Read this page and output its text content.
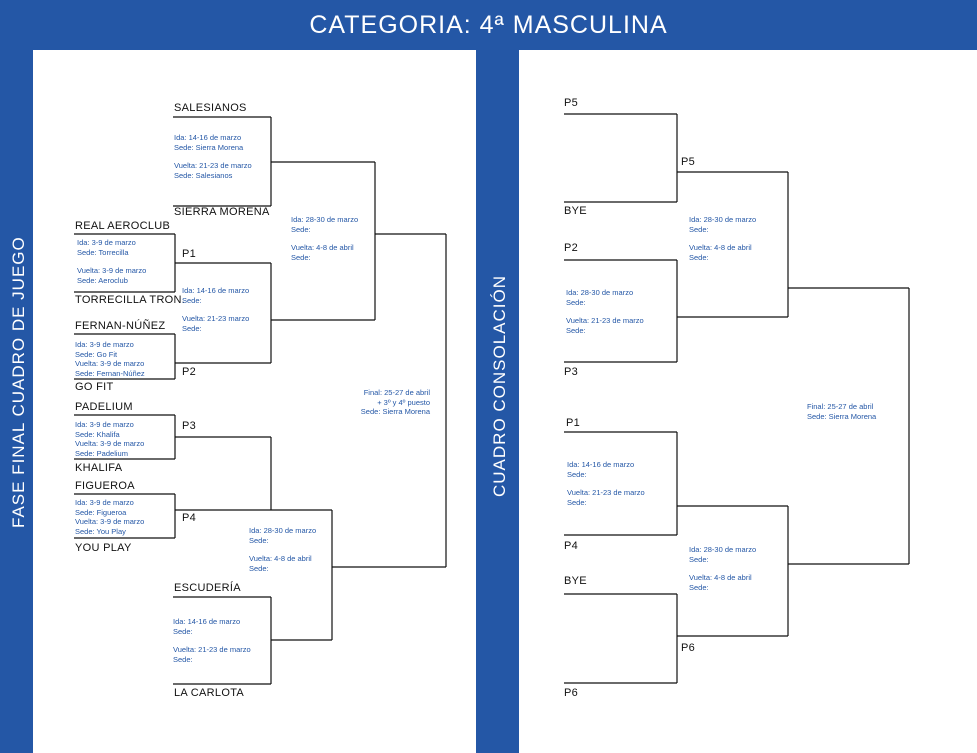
CATEGORIA: 4ª MASCULINA
FASE FINAL CUADRO DE JUEGO	CUADRO CONSOLACIÓN
SALESIANOS
SIERRA MORENA
REAL AEROCLUB
TORRECILLA TRON.
FERNAN-NÚÑEZ
GO FIT
PADELIUM
KHALIFA
FIGUEROA
YOU PLAY
ESCUDERÍA
LA CARLOTA
P1
P2
P3
P4
Ida: 14-16 de marzo
Sede: Sierra Morena
Vuelta: 21-23 de marzo
Sede: Salesianos
Ida: 3-9 de marzo
Sede: Torrecilla
Vuelta: 3-9 de marzo
Sede: Aeroclub
Ida: 3-9 de marzo
Sede: Go Fit
Vuelta: 3-9 de marzo
Sede: Fernan-Núñez
Ida: 3-9 de marzo
Sede: Khalifa
Vuelta: 3-9 de marzo
Sede: Padelium
Ida: 3-9 de marzo
Sede: Figueroa
Vuelta: 3-9 de marzo
Sede: You Play
Ida: 14-16 de marzo
Sede:
Vuelta: 21-23 marzo
Sede:
Ida: 14-16 de marzo
Sede:
Vuelta: 21-23 de marzo
Sede:
Ida: 28-30 de marzo
Sede:
Vuelta: 4-8 de abril
Sede:
Ida: 28-30 de marzo
Sede:
Vuelta: 4-8 de abril
Sede:
Final: 25-27 de abril
+ 3º y 4º puesto
Sede: Sierra Morena
P5
BYE
P5
P2
P3
P1
P4
BYE
P6
P6
Ida: 28-30 de marzo
Sede:
Vuelta: 21-23 de marzo
Sede:
Ida: 28-30 de marzo
Sede:
Vuelta: 4-8 de abril
Sede:
Ida: 14-16 de marzo
Sede:
Vuelta: 21-23 de marzo
Sede:
Ida: 28-30 de marzo
Sede:
Vuelta: 4-8 de abril
Sede:
Final: 25-27 de abril
Sede: Sierra Morena
